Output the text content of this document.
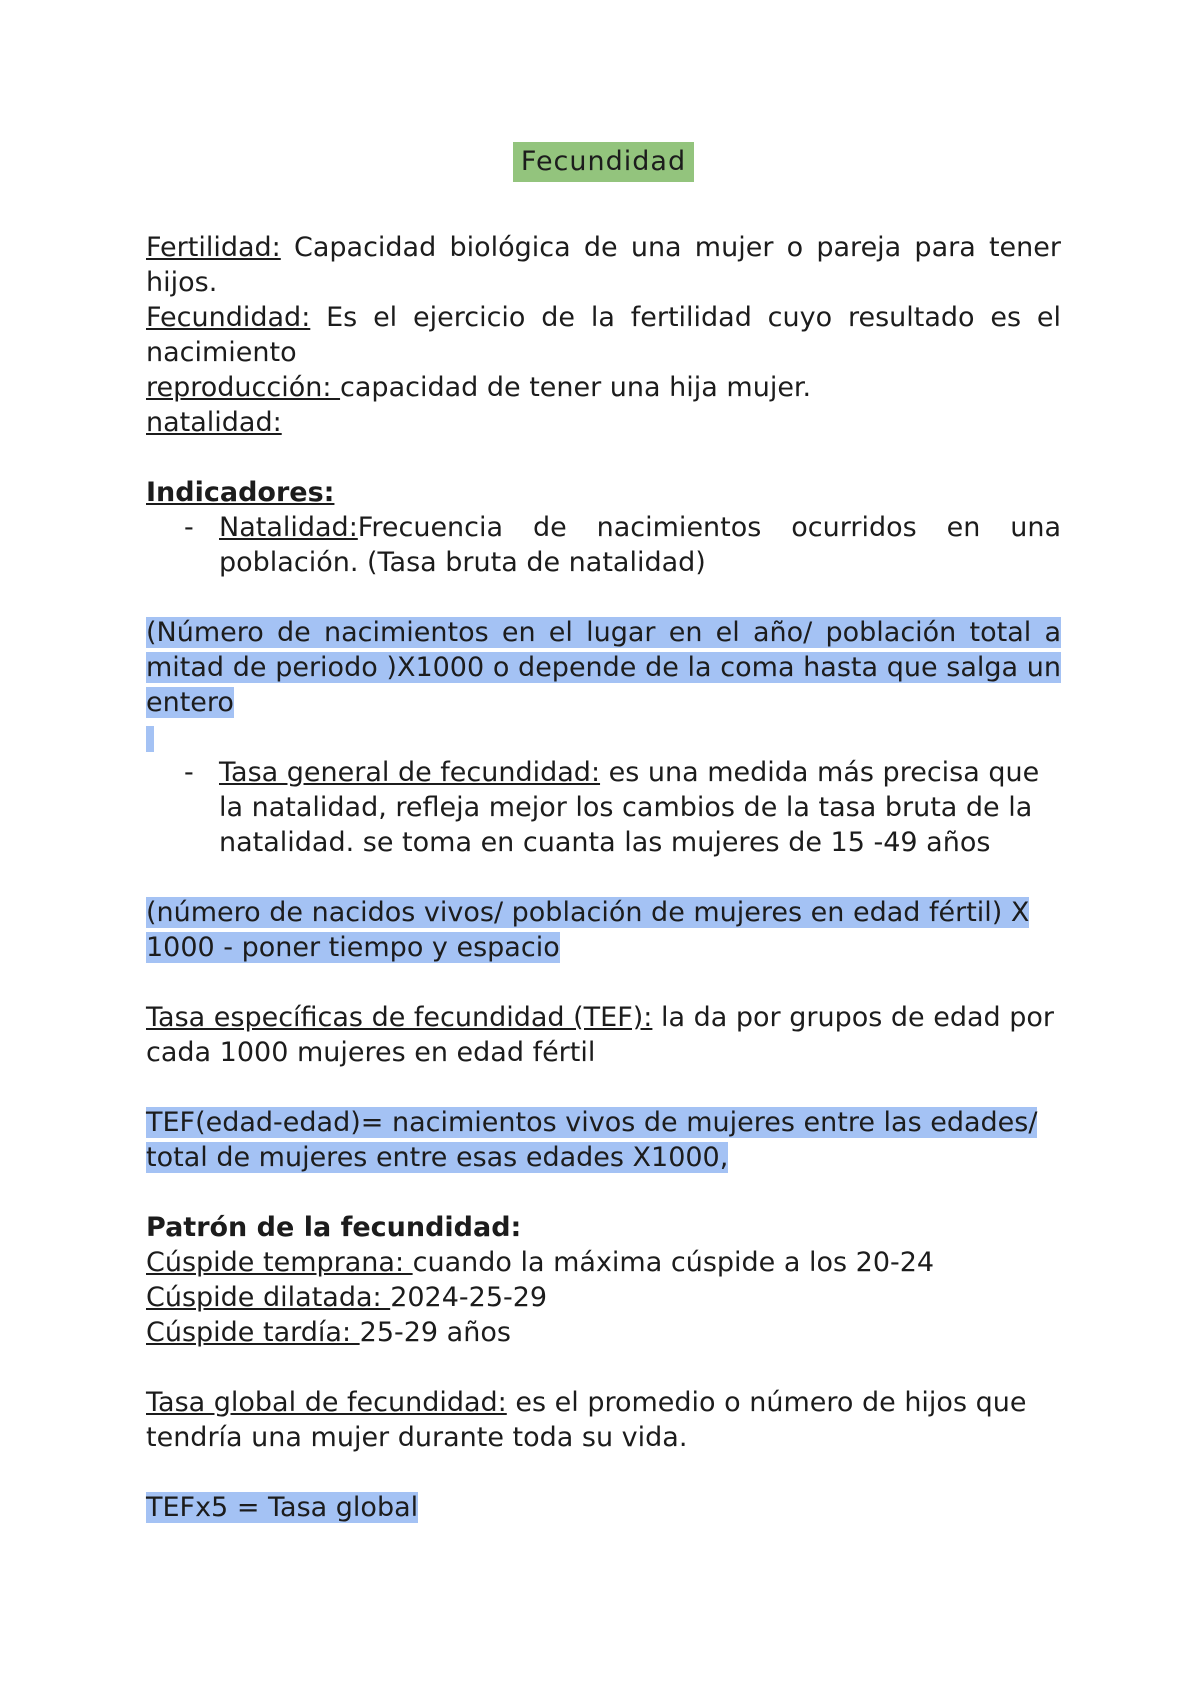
Fecundidad

Fertilidad: Capacidad biológica de una mujer o pareja para tener hijos.

Fecundidad: Es el ejercicio de la fertilidad cuyo resultado es el nacimiento

reproducción: capacidad de tener una hija mujer.

natalidad:

Indicadores:

- Natalidad:Frecuencia de nacimientos ocurridos en una población. (Tasa bruta de natalidad)

(Número de nacimientos en el lugar en el año/ población total a mitad de periodo )X1000 o depende de la coma hasta que salga un entero

- Tasa general de fecundidad: es una medida más precisa que la natalidad, refleja mejor los cambios de la tasa bruta de la natalidad. se toma en cuanta las mujeres de 15 -49 años

(número de nacidos vivos/ población de mujeres en edad fértil) X 1000 - poner tiempo y espacio

Tasa específicas de fecundidad (TEF): la da por grupos de edad por cada 1000 mujeres en edad fértil

TEF(edad-edad)= nacimientos vivos de mujeres entre las edades/ total de mujeres entre esas edades X1000,

Patrón de la fecundidad:

Cúspide temprana: cuando la máxima cúspide a los 20-24

Cúspide dilatada: 2024-25-29

Cúspide tardía: 25-29 años

Tasa global de fecundidad: es el promedio o número de hijos que tendría una mujer durante toda su vida.

TEFx5 = Tasa global
